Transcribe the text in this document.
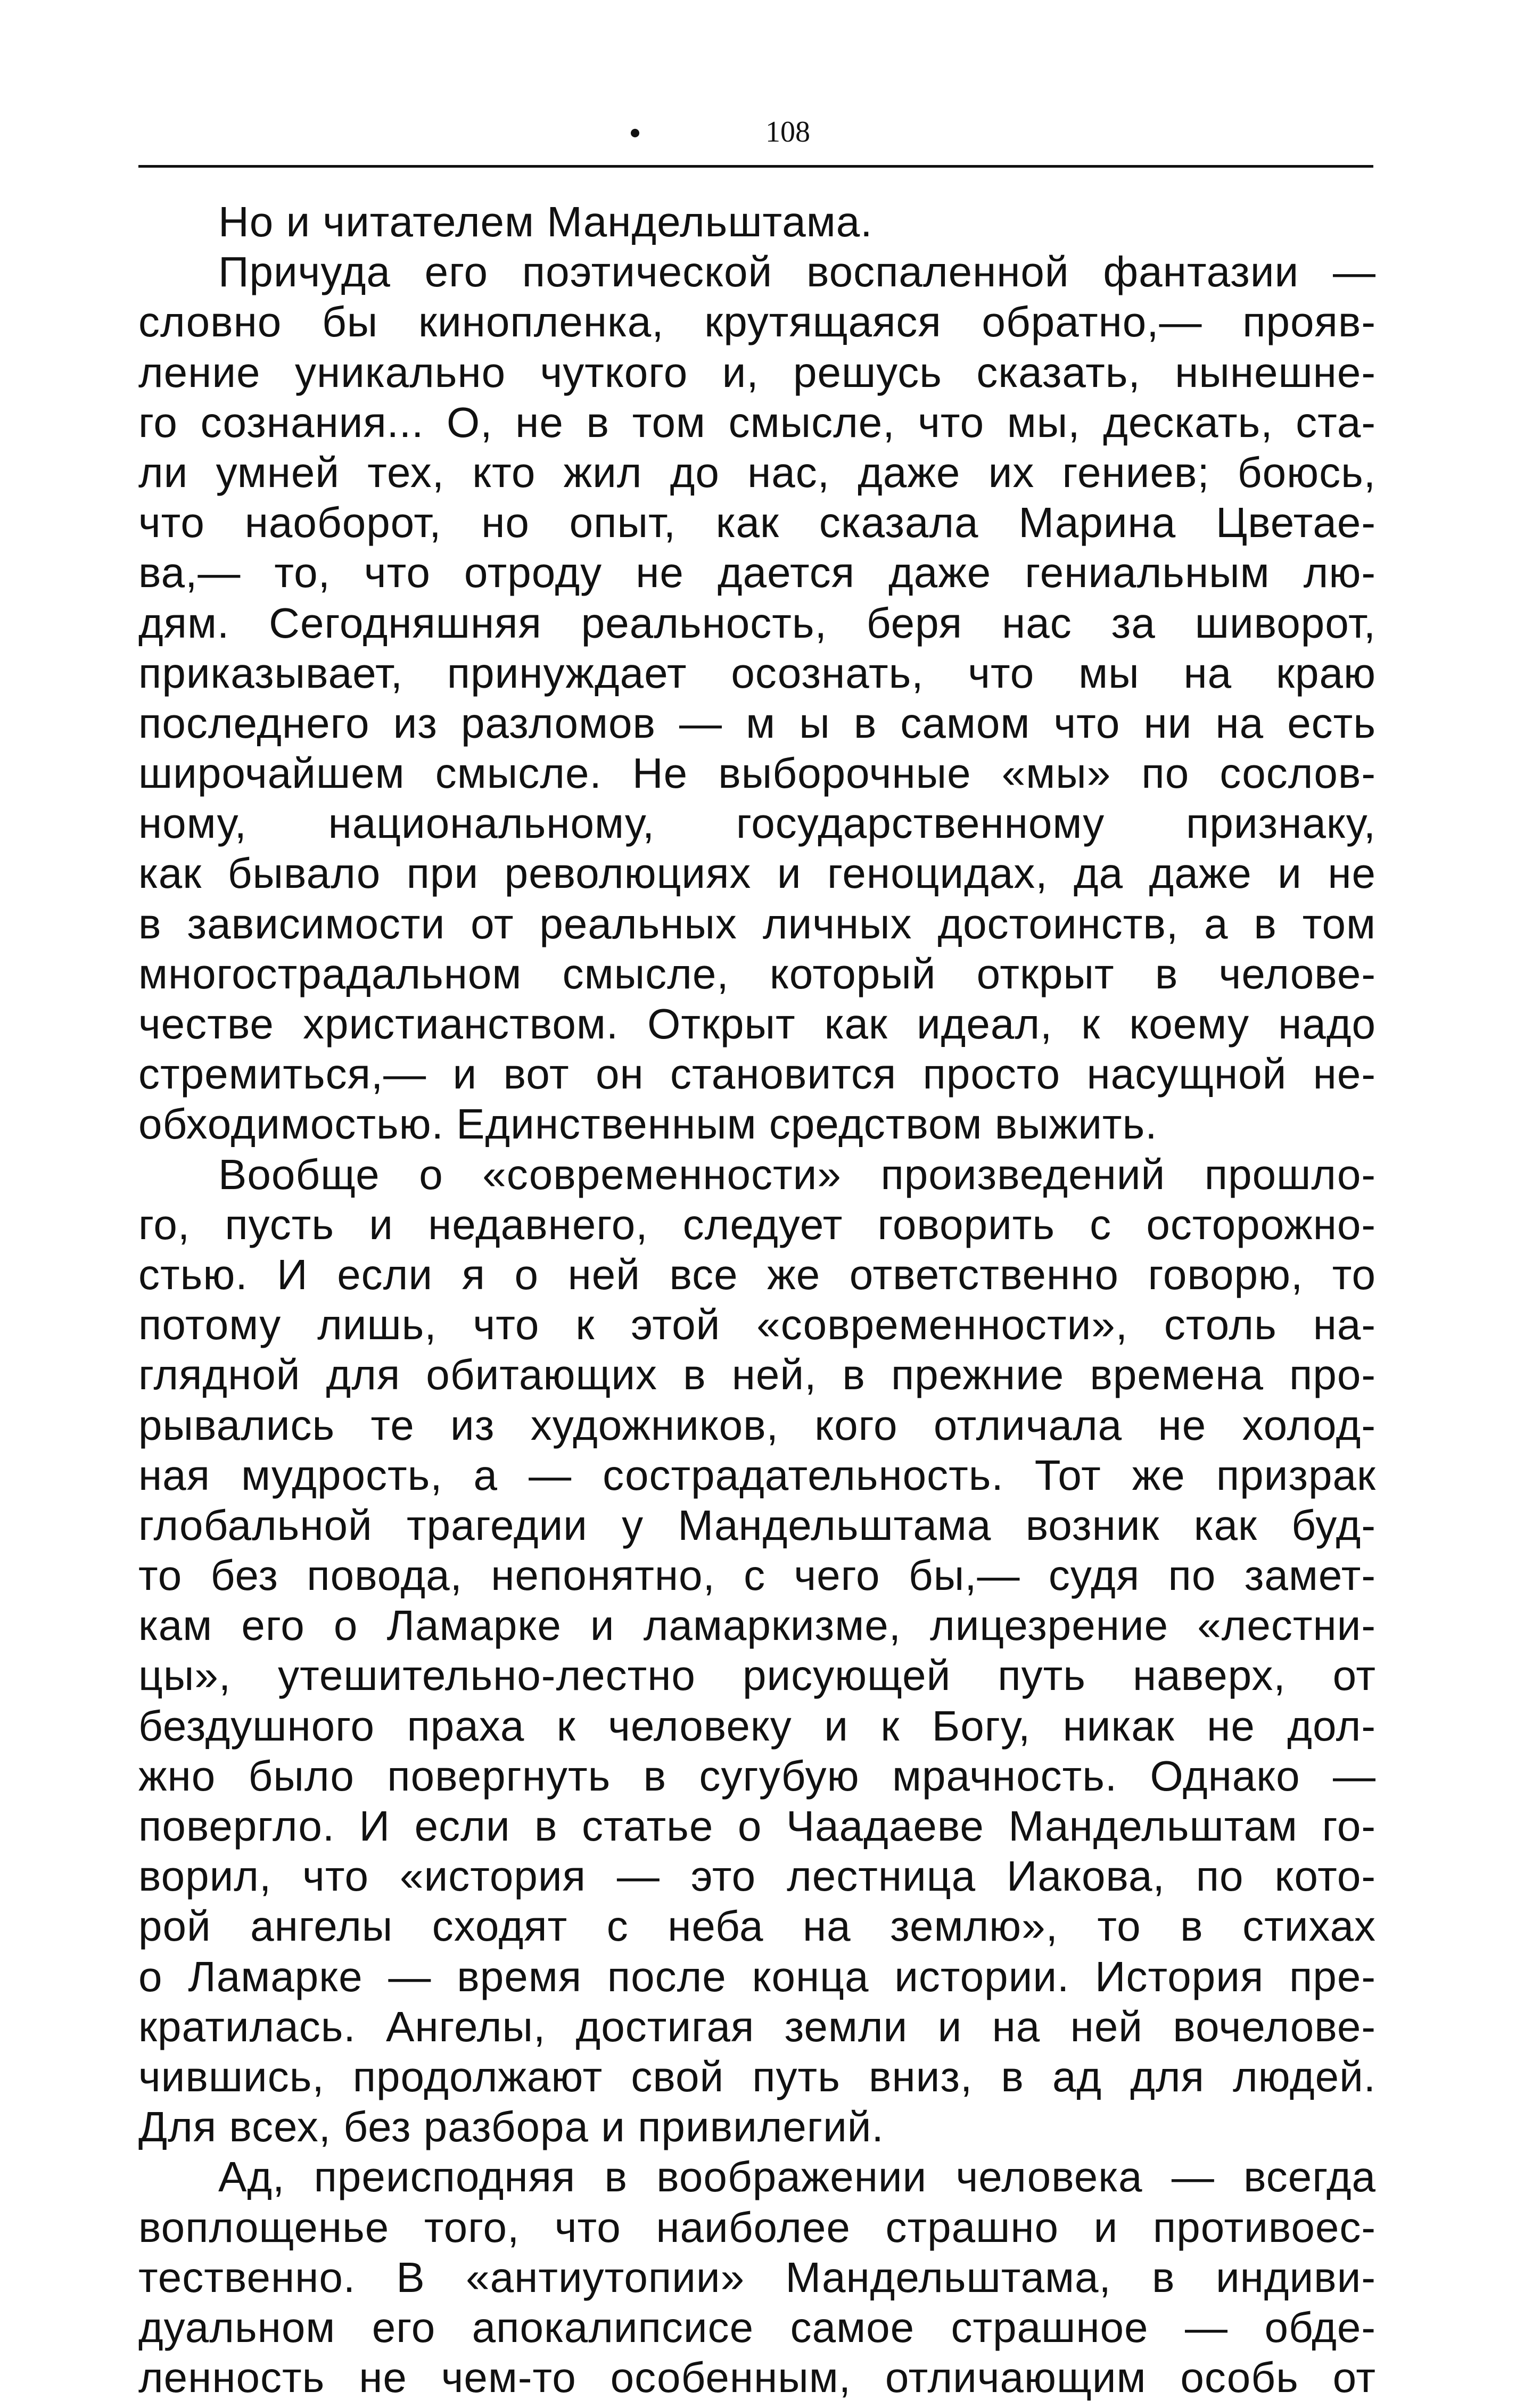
108
Но и читателем Мандельштама.
Причуда его поэтической воспаленной фантазии —
словно бы кинопленка, крутящаяся обратно,— прояв-
ление уникально чуткого и, решусь сказать, нынешне-
го сознания... О, не в том смысле, что мы, дескать, ста-
ли умней тех, кто жил до нас, даже их гениев; боюсь,
что наоборот, но опыт, как сказала Марина Цветае-
ва,— то, что отроду не дается даже гениальным лю-
дям. Сегодняшняя реальность, беря нас за шиворот,
приказывает, принуждает осознать, что мы на краю
последнего из разломов — м ы в самом что ни на есть
широчайшем смысле. Не выборочные «мы» по сослов-
ному, национальному, государственному признаку,
как бывало при революциях и геноцидах, да даже и не
в зависимости от реальных личных достоинств, а в том
многострадальном смысле, который открыт в челове-
честве христианством. Открыт как идеал, к коему надо
стремиться,— и вот он становится просто насущной не-
обходимостью. Единственным средством выжить.
Вообще о «современности» произведений прошло-
го, пусть и недавнего, следует говорить с осторожно-
стью. И если я о ней все же ответственно говорю, то
потому лишь, что к этой «современности», столь на-
глядной для обитающих в ней, в прежние времена про-
рывались те из художников, кого отличала не холод-
ная мудрость, а — сострадательность. Тот же призрак
глобальной трагедии у Мандельштама возник как буд-
то без повода, непонятно, с чего бы,— судя по замет-
кам его о Ламарке и ламаркизме, лицезрение «лестни-
цы», утешительно-лестно рисующей путь наверх, от
бездушного праха к человеку и к Богу, никак не дол-
жно было повергнуть в сугубую мрачность. Однако —
повергло. И если в статье о Чаадаеве Мандельштам го-
ворил, что «история — это лестница Иакова, по кото-
рой ангелы сходят с неба на землю», то в стихах
о Ламарке — время после конца истории. История пре-
кратилась. Ангелы, достигая земли и на ней вочелове-
чившись, продолжают свой путь вниз, в ад для людей.
Для всех, без разбора и привилегий.
Ад, преисподняя в воображении человека — всегда
воплощенье того, что наиболее страшно и противоес-
тественно. В «антиутопии» Мандельштама, в индиви-
дуальном его апокалипсисе самое страшное — обде-
ленность не чем-то особенным, отличающим особь от
